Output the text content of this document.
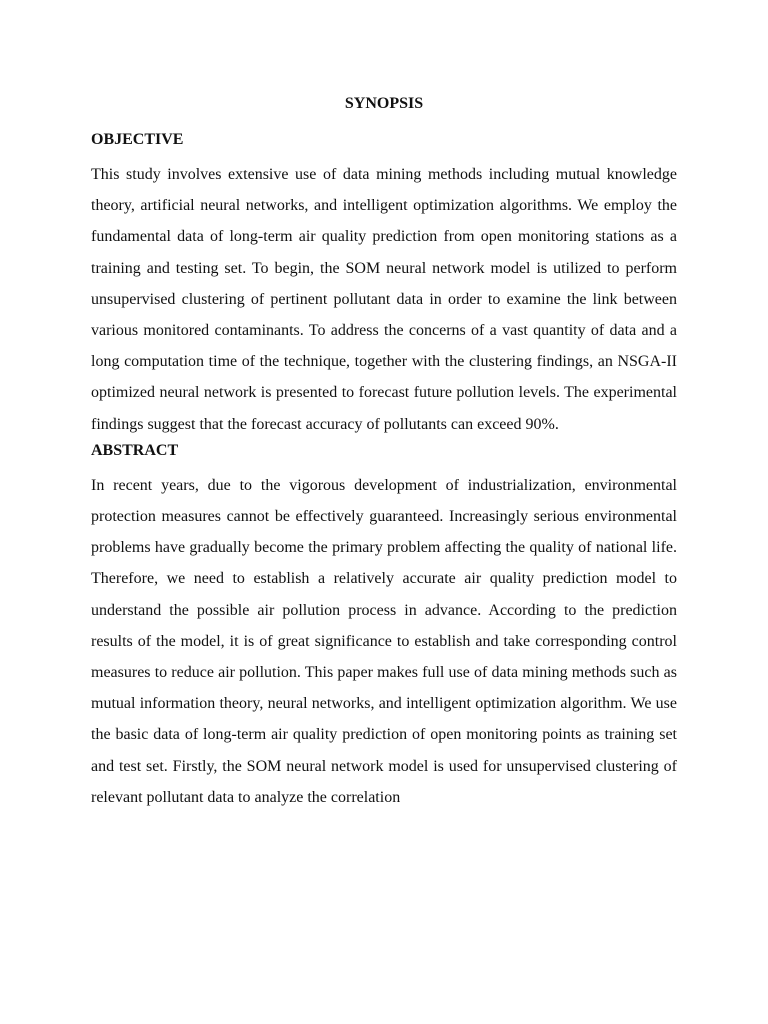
SYNOPSIS
OBJECTIVE

This study involves extensive use of data mining methods including mutual knowledge theory, artificial neural networks, and intelligent optimization algorithms. We employ the fundamental data of long-term air quality prediction from open monitoring stations as a training and testing set. To begin, the SOM neural network model is utilized to perform unsupervised clustering of pertinent pollutant data in order to examine the link between various monitored contaminants. To address the concerns of a vast quantity of data and a long computation time of the technique, together with the clustering findings, an NSGA-II optimized neural network is presented to forecast future pollution levels. The experimental findings suggest that the forecast accuracy of pollutants can exceed 90%.

ABSTRACT

In recent years, due to the vigorous development of industrialization, environmental protection measures cannot be effectively guaranteed. Increasingly serious environmental problems have gradually become the primary problem affecting the quality of national life. Therefore, we need to establish a relatively accurate air quality prediction model to understand the possible air pollution process in advance. According to the prediction results of the model, it is of great significance to establish and take corresponding control measures to reduce air pollution. This paper makes full use of data mining methods such as mutual information theory, neural networks, and intelligent optimization algorithm. We use the basic data of long-term air quality prediction of open monitoring points as training set and test set. Firstly, the SOM neural network model is used for unsupervised clustering of relevant pollutant data to analyze the correlation
